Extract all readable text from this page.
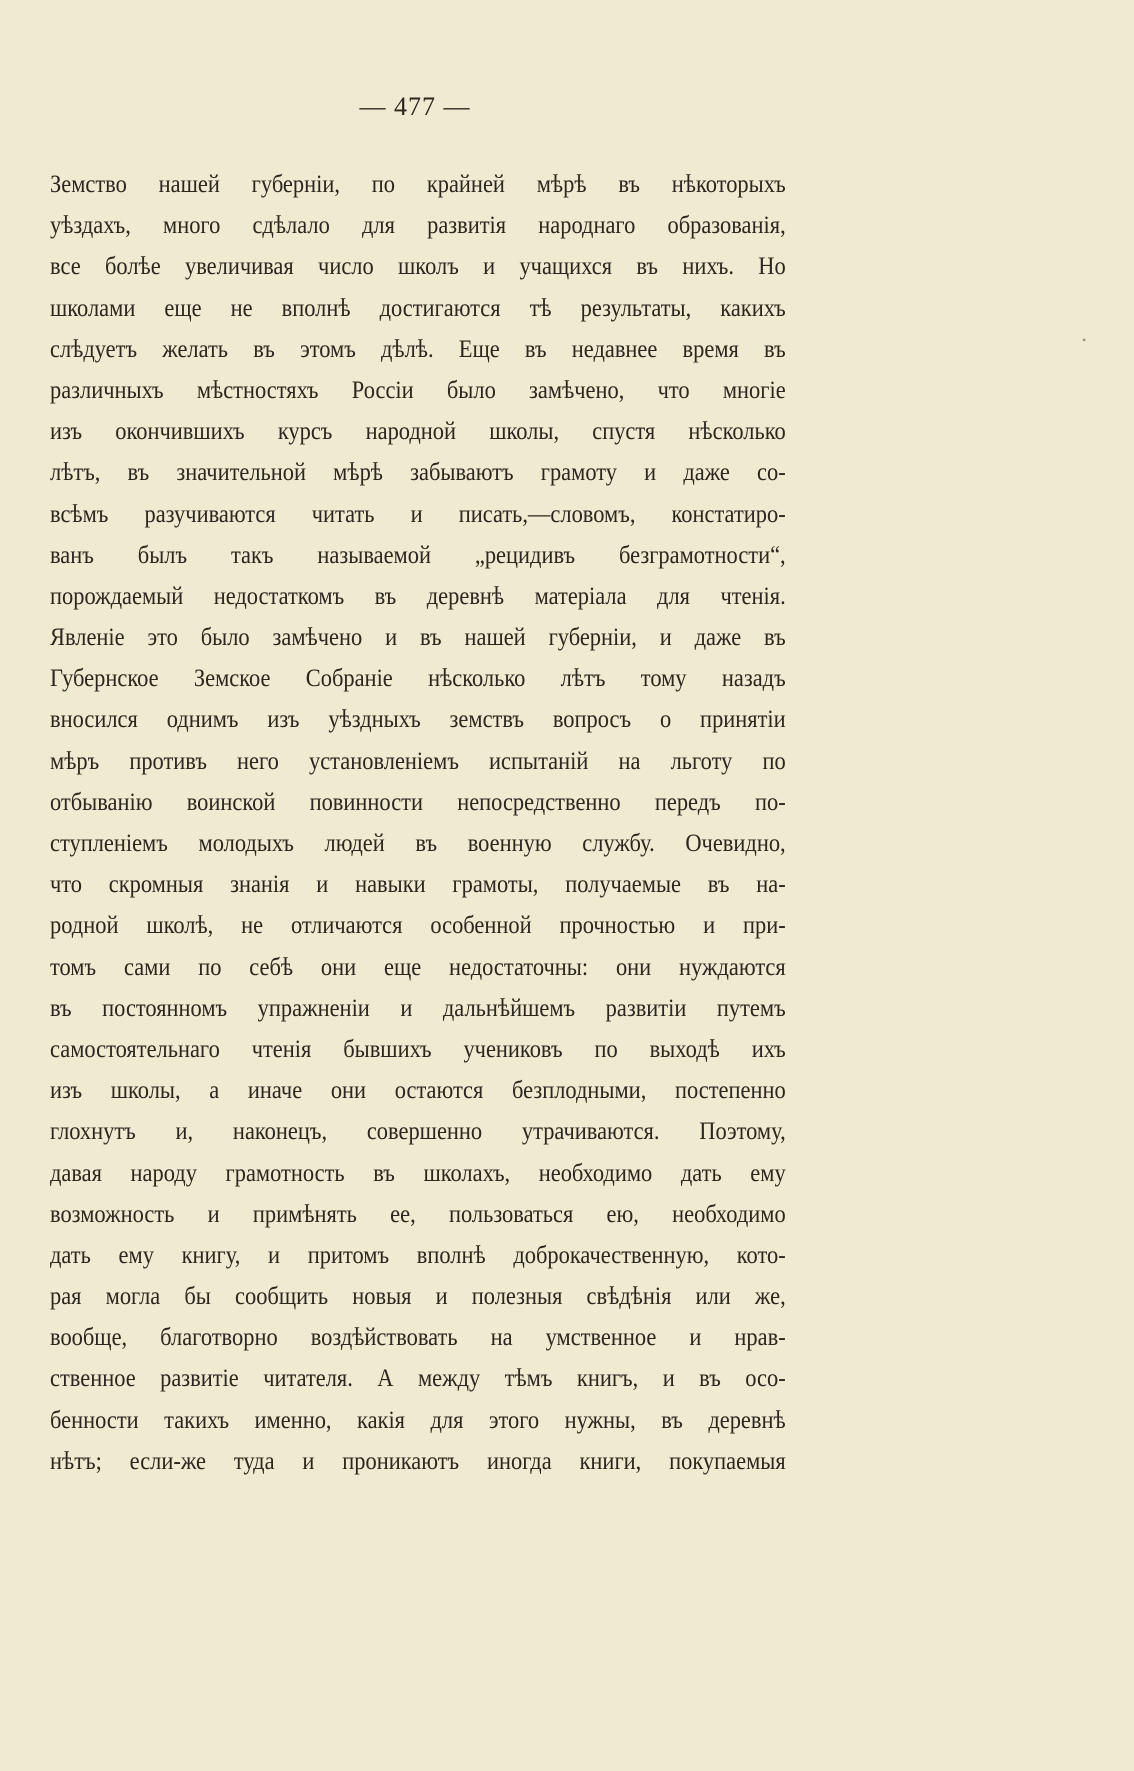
— 477 —
Земство нашей губерніи, по крайней мѣрѣ въ нѣкоторыхъ
уѣздахъ, много сдѣлало для развитія народнаго образованія,
все болѣе увеличивая число школъ и учащихся въ нихъ. Но
школами еще не вполнѣ достигаются тѣ результаты, какихъ
слѣдуетъ желать въ этомъ дѣлѣ. Еще въ недавнее время въ
различныхъ мѣстностяхъ Россіи было замѣчено, что многіе
изъ окончившихъ курсъ народной школы, спустя нѣсколько
лѣтъ, въ значительной мѣрѣ забываютъ грамоту и даже со-
всѣмъ разучиваются читать и писать,—словомъ, констатиро-
ванъ былъ такъ называемой „рецидивъ безграмотности“,
порождаемый недостаткомъ въ деревнѣ матеріала для чтенія.
Явленіе это было замѣчено и въ нашей губерніи, и даже въ
Губернское Земское Собраніе нѣсколько лѣтъ тому назадъ
вносился однимъ изъ уѣздныхъ земствъ вопросъ о принятіи
мѣръ противъ него установленіемъ испытаній на льготу по
отбыванію воинской повинности непосредственно передъ по-
ступленіемъ молодыхъ людей въ военную службу. Очевидно,
что скромныя знанія и навыки грамоты, получаемые въ на-
родной школѣ, не отличаются особенной прочностью и при-
томъ сами по себѣ они еще недостаточны: они нуждаются
въ постоянномъ упражненіи и дальнѣйшемъ развитіи путемъ
самостоятельнаго чтенія бывшихъ учениковъ по выходѣ ихъ
изъ школы, а иначе они остаются безплодными, постепенно
глохнутъ и, наконецъ, совершенно утрачиваются. Поэтому,
давая народу грамотность въ школахъ, необходимо дать ему
возможность и примѣнять ее, пользоваться ею, необходимо
дать ему книгу, и притомъ вполнѣ доброкачественную, кото-
рая могла бы сообщить новыя и полезныя свѣдѣнія или же,
вообще, благотворно воздѣйствовать на умственное и нрав-
ственное развитіе читателя. А между тѣмъ книгъ, и въ осо-
бенности такихъ именно, какія для этого нужны, въ деревнѣ
нѣтъ; если-же туда и проникаютъ иногда книги, покупаемыя
•
